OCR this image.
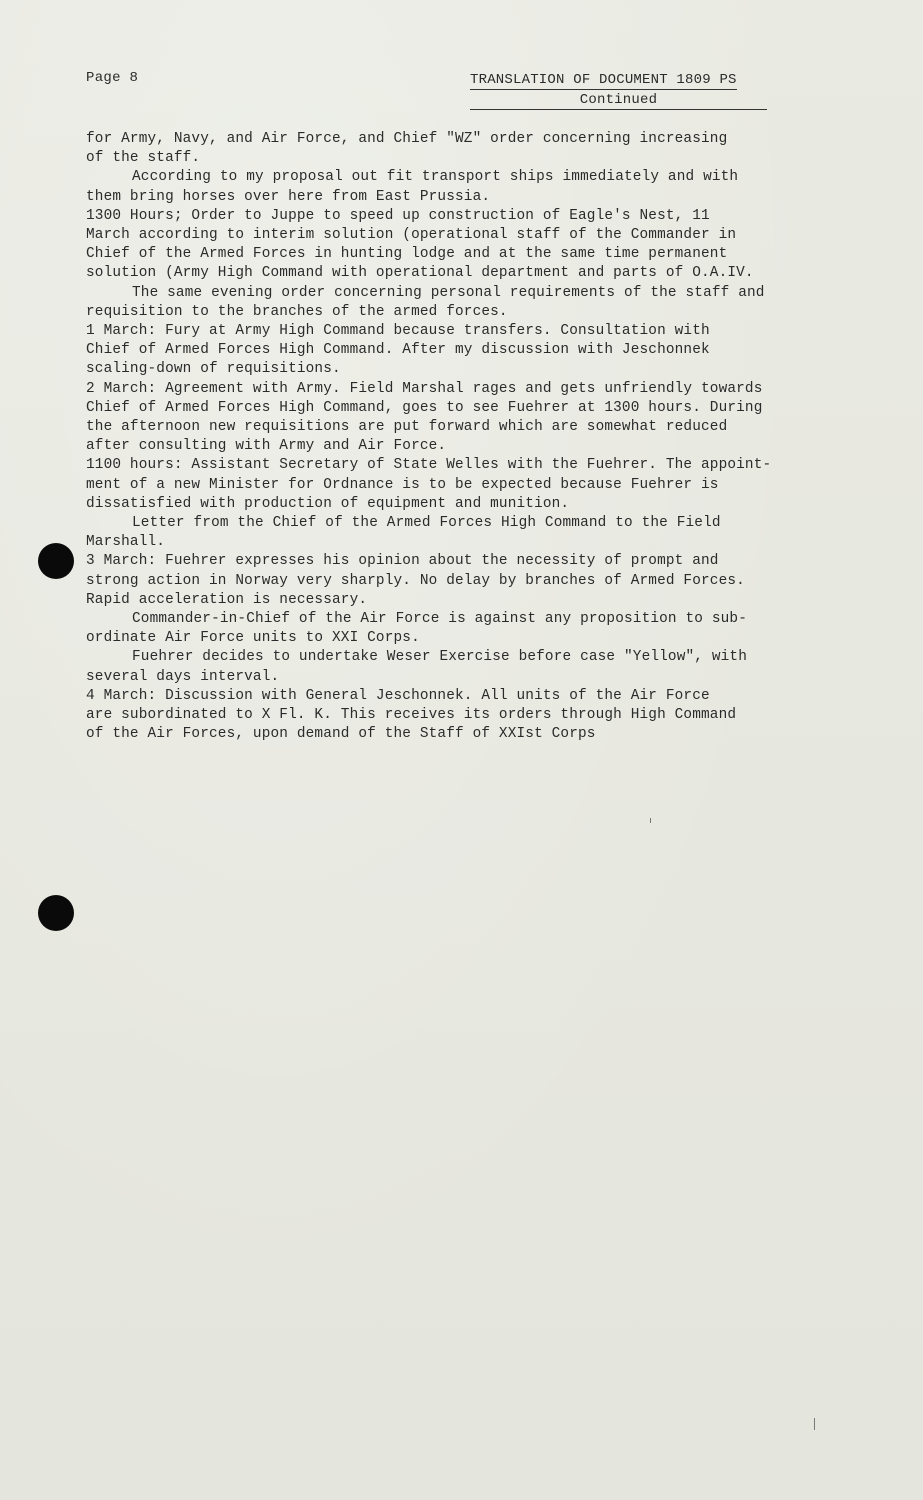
Page 8	TRANSLATION OF DOCUMENT 1809 PS
Continued
for Army, Navy, and Air Force, and Chief "WZ" order concerning increasing
of the staff.
According to my proposal out fit transport ships immediately and with
them bring horses over here from East Prussia.
1300 Hours; Order to Juppe to speed up construction of Eagle's Nest, 11
March according to interim solution (operational staff of the Commander in
Chief of the Armed Forces in hunting lodge and at the same time permanent
solution (Army High Command with operational department and parts of O.A.IV.
The same evening order concerning personal requirements of the staff and
requisition to the branches of the armed forces.
1 March: Fury at Army High Command because transfers. Consultation with
Chief of Armed Forces High Command. After my discussion with Jeschonnek
scaling-down of requisitions.
2 March: Agreement with Army. Field Marshal rages and gets unfriendly towards
Chief of Armed Forces High Command, goes to see Fuehrer at 1300 hours. During
the afternoon new requisitions are put forward which are somewhat reduced
after consulting with Army and Air Force.
1100 hours: Assistant Secretary of State Welles with the Fuehrer. The appoint-
ment of a new Minister for Ordnance is to be expected because Fuehrer is
dissatisfied with production of equipment and munition.
Letter from the Chief of the Armed Forces High Command to the Field
Marshall.
3 March: Fuehrer expresses his opinion about the necessity of prompt and
strong action in Norway very sharply. No delay by branches of Armed Forces.
Rapid acceleration is necessary.
Commander-in-Chief of the Air Force is against any proposition to sub-
ordinate Air Force units to XXI Corps.
Fuehrer decides to undertake Weser Exercise before case "Yellow", with
several days interval.
4 March: Discussion with General Jeschonnek. All units of the Air Force
are subordinated to X Fl. K. This receives its orders through High Command
of the Air Forces, upon demand of the Staff of XXIst Corps
